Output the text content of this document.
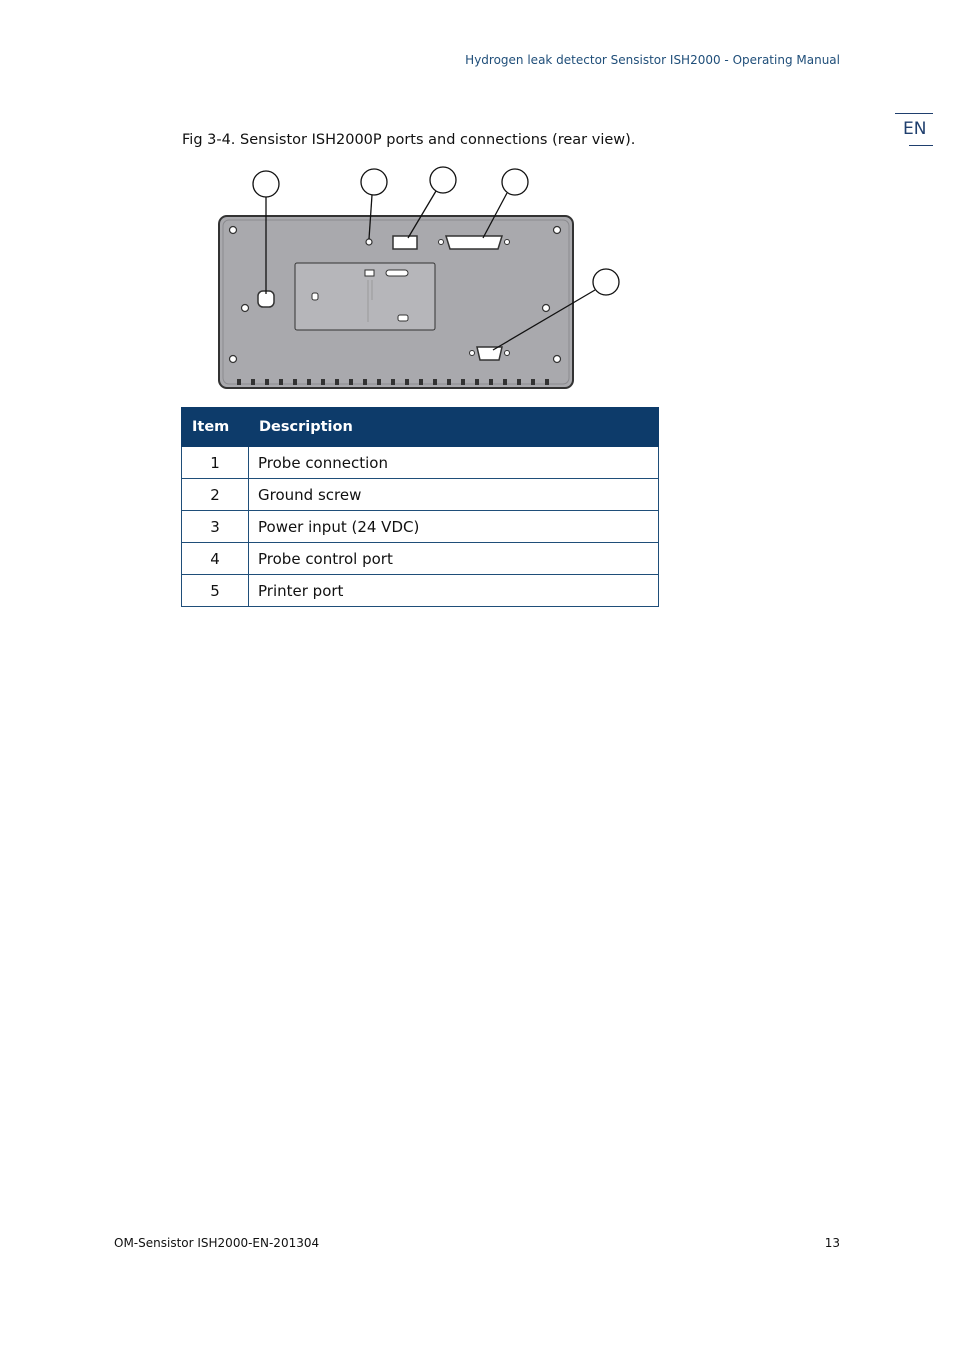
Hydrogen leak detector Sensistor ISH2000 - Operating Manual
EN
Fig 3-4. Sensistor ISH2000P ports and connections (rear view).
Item	Description
1	Probe connection
2	Ground screw
3	Power input (24 VDC)
4	Probe control port
5	Printer port
OM-Sensistor ISH2000-EN-201304	13
